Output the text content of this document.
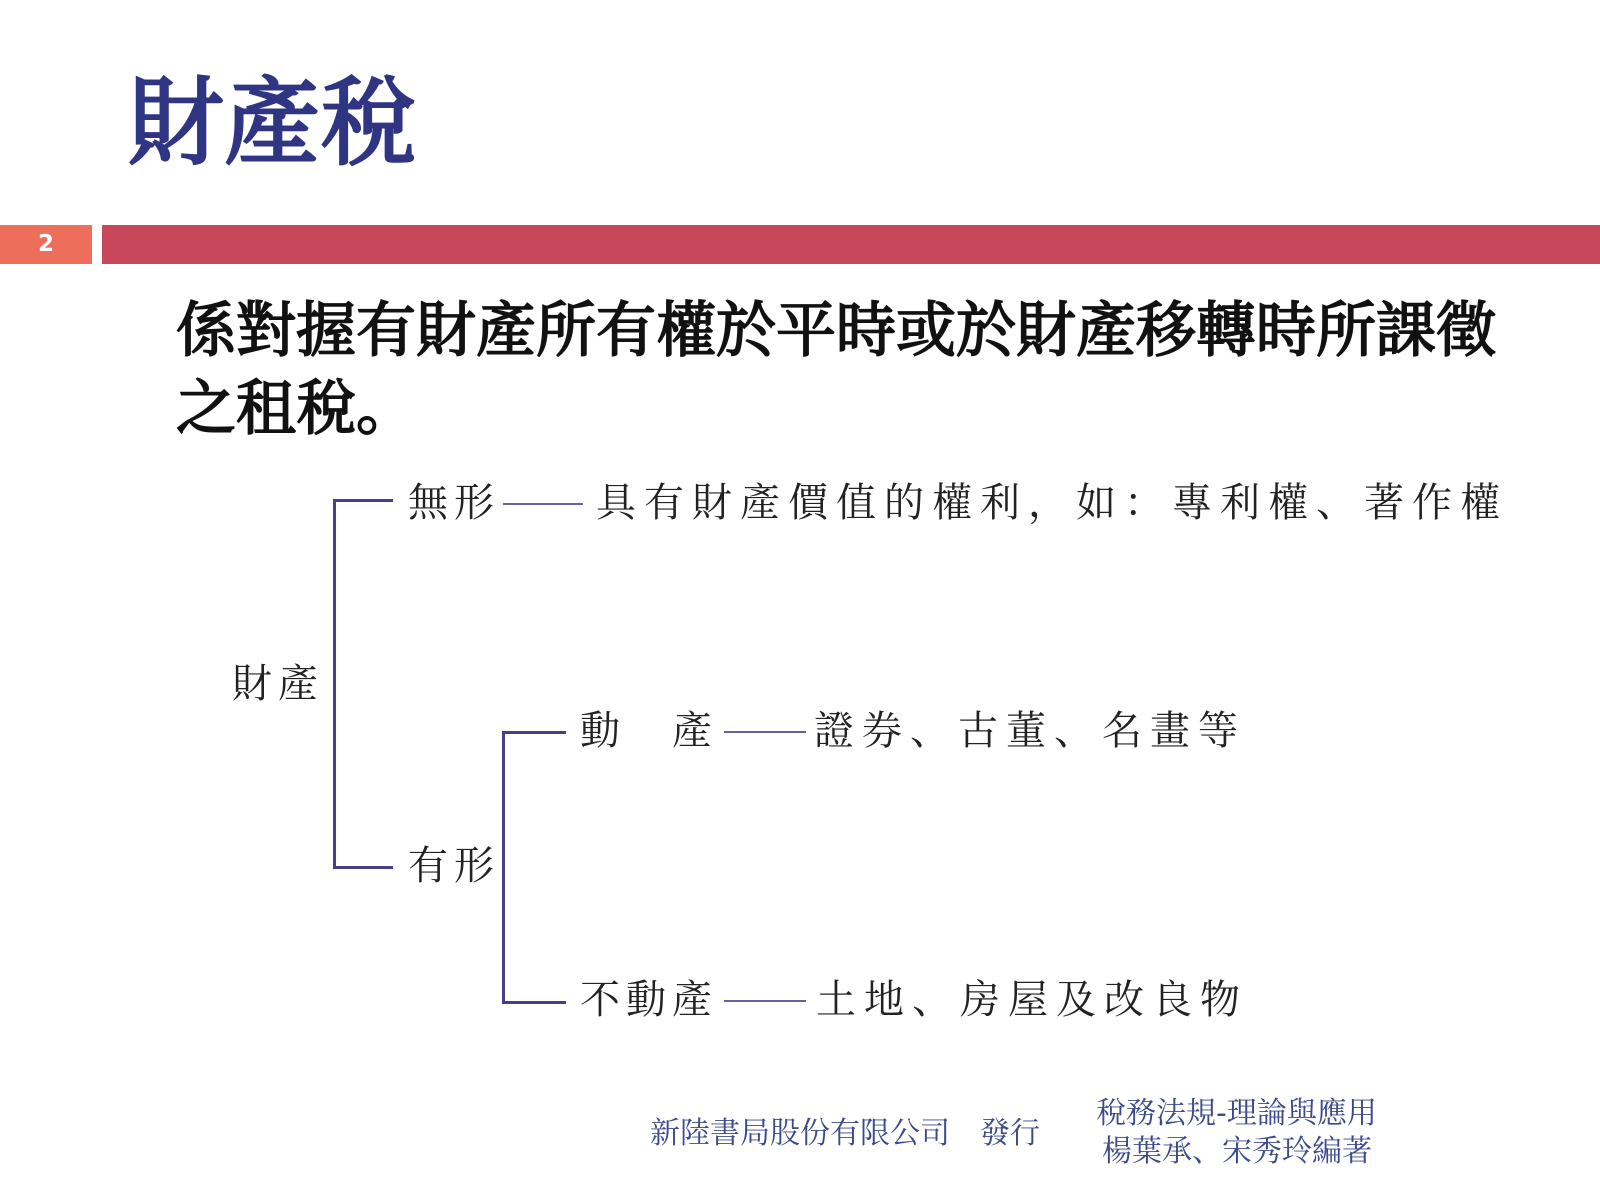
財產稅
2

係對握有財產所有權於平時或於財產移轉時所課徵之租稅。

財產
無形 具有財產價值的權利，如：專利權、著作權
有形
動　產 證券、古董、名畫等
不動產 土地、房屋及改良物
新陸書局股份有限公司　發行
稅務法規-理論與應用
楊葉承、宋秀玲編著
